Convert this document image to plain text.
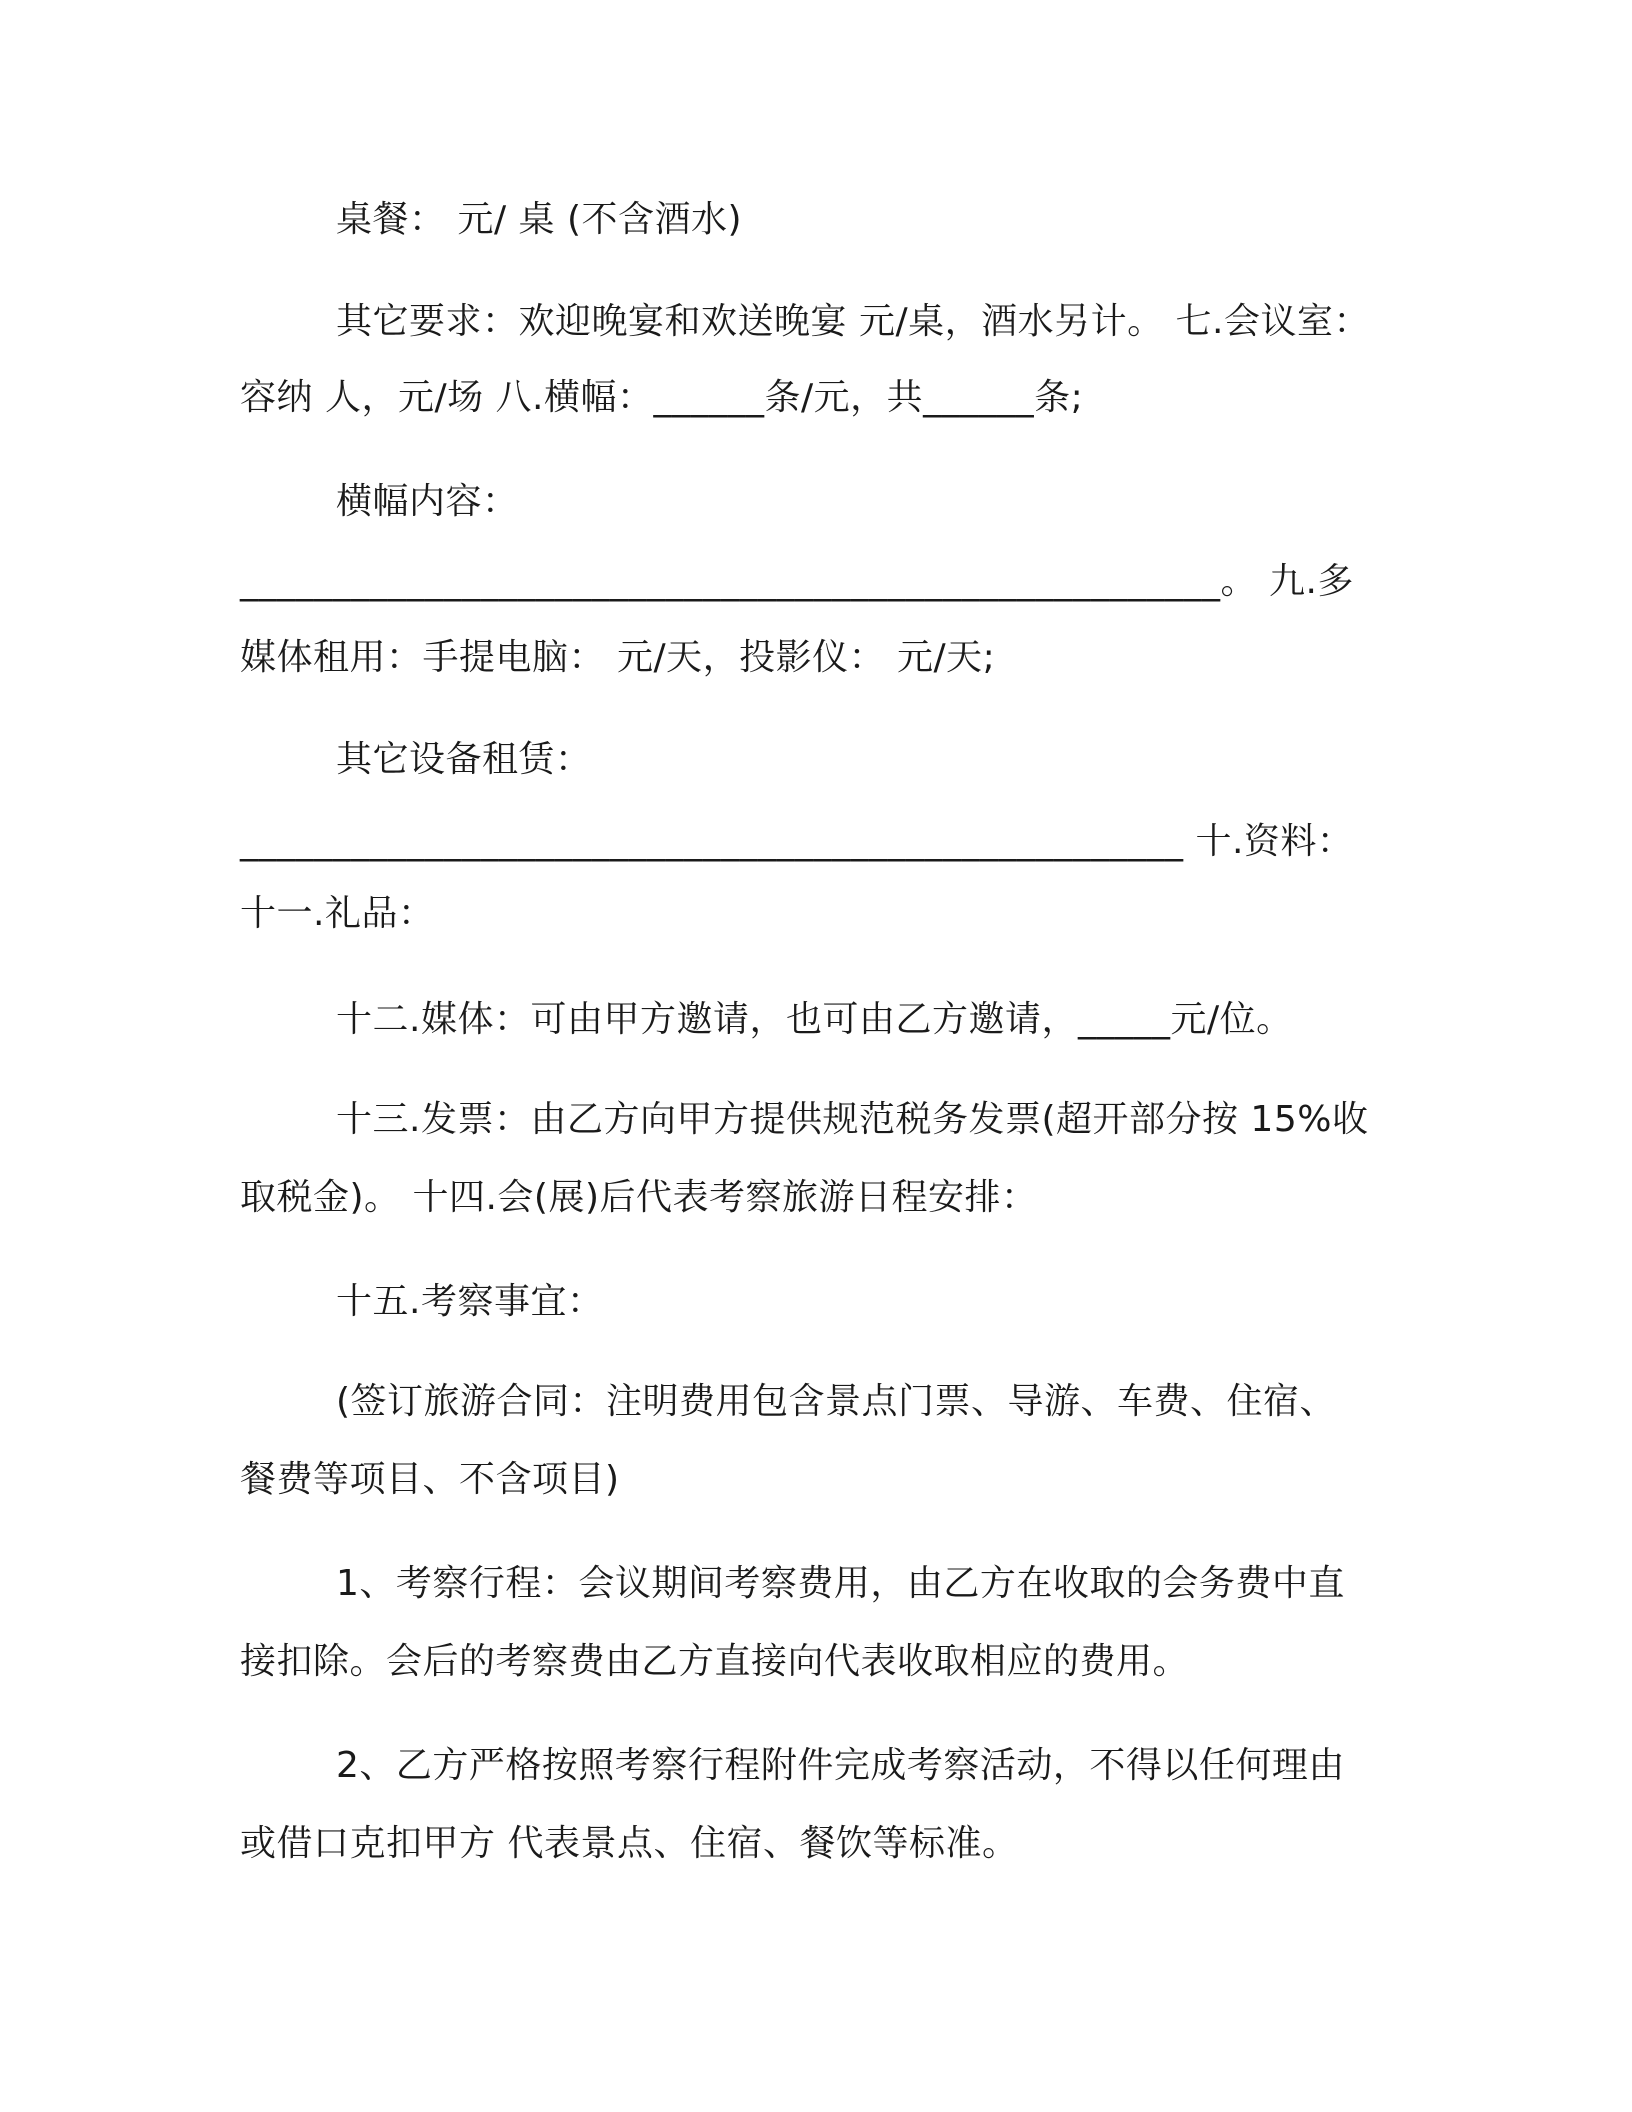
桌餐： 元/ 桌 (不含酒水)
其它要求：欢迎晚宴和欢送晚宴 元/桌，酒水另计。 七.会议室：
容纳 人，元/场 八.横幅：______条/元，共______条;
横幅内容：
_____________________________________________________。 九.多
媒体租用：手提电脑： 元/天，投影仪： 元/天;
其它设备租赁：
___________________________________________________ 十.资料：
十一.礼品：
十二.媒体：可由甲方邀请，也可由乙方邀请，_____元/位。
十三.发票：由乙方向甲方提供规范税务发票(超开部分按 15%收
取税金)。 十四.会(展)后代表考察旅游日程安排：
十五.考察事宜：
(签订旅游合同：注明费用包含景点门票、导游、车费、住宿、
餐费等项目、不含项目)
1、考察行程：会议期间考察费用，由乙方在收取的会务费中直
接扣除。会后的考察费由乙方直接向代表收取相应的费用。
2、乙方严格按照考察行程附件完成考察活动，不得以任何理由
或借口克扣甲方 代表景点、住宿、餐饮等标准。
